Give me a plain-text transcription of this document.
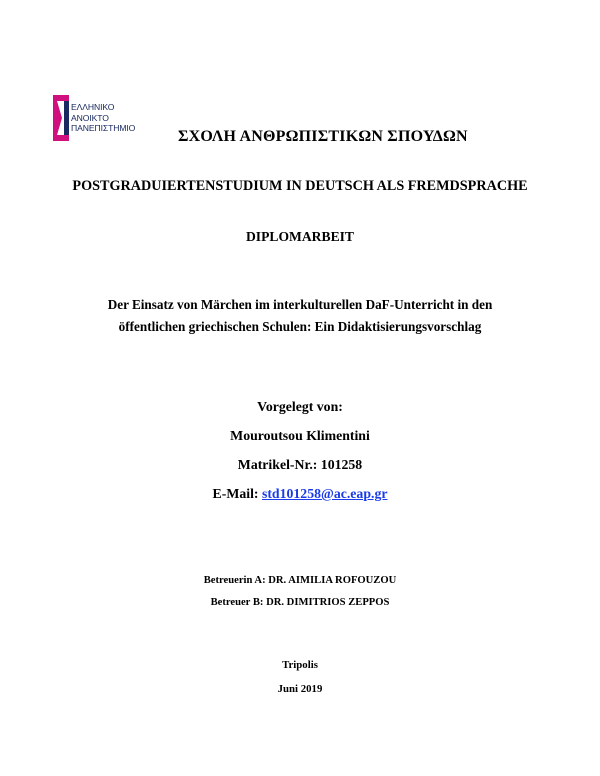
ΕΛΛΗΝΙΚΟ
ΑΝΟΙΚΤΟ
ΠΑΝΕΠΙΣΤΗΜΙΟ	ΣΧΟΛΗ ΑΝΘΡΩΠΙΣΤΙΚΩΝ ΣΠΟΥΔΩΝ
POSTGRADUIERTENSTUDIUM IN DEUTSCH ALS FREMDSPRACHE
DIPLOMARBEIT
Der Einsatz von Märchen im interkulturellen DaF-Unterricht in den
öffentlichen griechischen Schulen: Ein Didaktisierungsvorschlag
Vorgelegt von:
Mouroutsou Klimentini
Matrikel-Nr.: 101258
E-Mail: std101258@ac.eap.gr
Betreuerin A: DR. AIMILIA ROFOUZOU
Betreuer B: DR. DIMITRIOS ZEPPOS
Tripolis
Juni 2019
